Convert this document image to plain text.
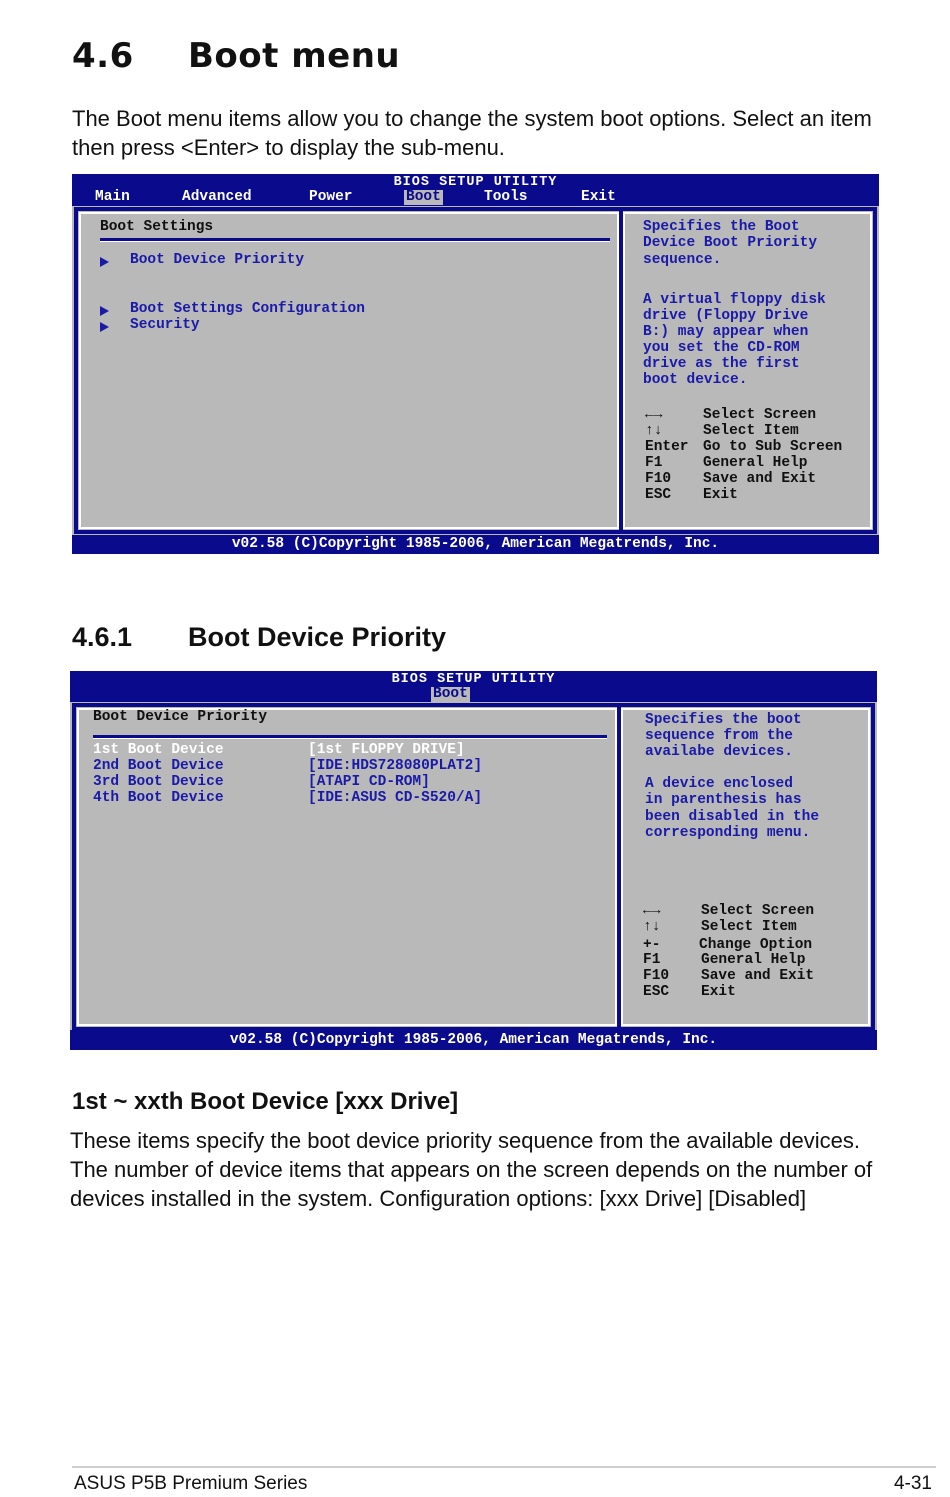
4.6 Boot menu
The Boot menu items allow you to change the system boot options. Select an item then press <Enter> to display the sub-menu.
BIOS SETUP UTILITY
Main	Advanced	Power	Boot	Tools	Exit
Boot Settings
Boot Device Priority
Boot Settings Configuration
Security
Specifies the Boot
Device Boot Priority
sequence.
A virtual floppy disk
drive (Floppy Drive
B:) may appear when
you set the CD-ROM
drive as the first
boot device.
←→	Select Screen
↑↓	Select Item
Enter Go to Sub Screen
F1	General Help
F10 Save and Exit
ESC Exit
v02.58 (C)Copyright 1985-2006, American Megatrends, Inc.
4.6.1 Boot Device Priority
BIOS SETUP UTILITY
Boot
Boot Device Priority
1st Boot Device	[1st FLOPPY DRIVE]
2nd Boot Device	[IDE:HDS728080PLAT2]
3rd Boot Device	[ATAPI CD-ROM]
4th Boot Device	[IDE:ASUS CD-S520/A]
Specifies the boot
sequence from the
availabe devices.
A device enclosed
in parenthesis has
been disabled in the
corresponding menu.
←→	Select Screen
↑↓	Select Item
+-	Change Option
F1	General Help
F10 Save and Exit
ESC Exit
v02.58 (C)Copyright 1985-2006, American Megatrends, Inc.
1st ~ xxth Boot Device [xxx Drive]
These items specify the boot device priority sequence from the available devices. The number of device items that appears on the screen depends on the number of devices installed in the system. Configuration options: [xxx Drive] [Disabled]
ASUS P5B Premium Series	4-31
